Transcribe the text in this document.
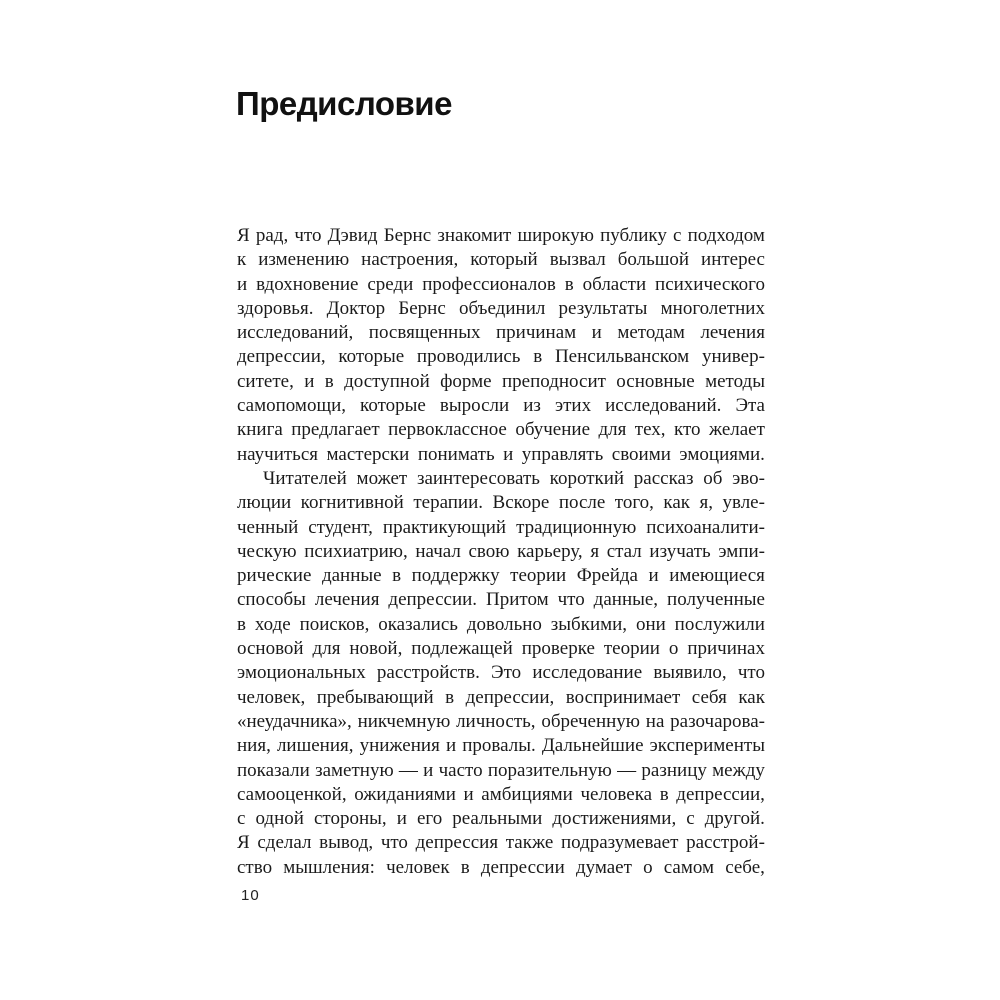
Предисловие
Я рад, что Дэвид Бернс знакомит широкую публику с подходом
к изменению настроения, который вызвал большой интерес
и вдохновение среди профессионалов в области психического
здоровья. Доктор Бернс объединил результаты многолетних
исследований, посвященных причинам и методам лечения
депрессии, которые проводились в Пенсильванском универ-
ситете, и в доступной форме преподносит основные методы
самопомощи, которые выросли из этих исследований. Эта
книга предлагает первоклассное обучение для тех, кто желает
научиться мастерски понимать и управлять своими эмоциями.
Читателей может заинтересовать короткий рассказ об эво-
люции когнитивной терапии. Вскоре после того, как я, увле-
ченный студент, практикующий традиционную психоаналити-
ческую психиатрию, начал свою карьеру, я стал изучать эмпи-
рические данные в поддержку теории Фрейда и имеющиеся
способы лечения депрессии. Притом что данные, полученные
в ходе поисков, оказались довольно зыбкими, они послужили
основой для новой, подлежащей проверке теории о причинах
эмоциональных расстройств. Это исследование выявило, что
человек, пребывающий в депрессии, воспринимает себя как
«неудачника», никчемную личность, обреченную на разочарова-
ния, лишения, унижения и провалы. Дальнейшие эксперименты
показали заметную — и часто поразительную — разницу между
самооценкой, ожиданиями и амбициями человека в депрессии,
с одной стороны, и его реальными достижениями, с другой.
Я сделал вывод, что депрессия также подразумевает расстрой-
ство мышления: человек в депрессии думает о самом себе,
10
